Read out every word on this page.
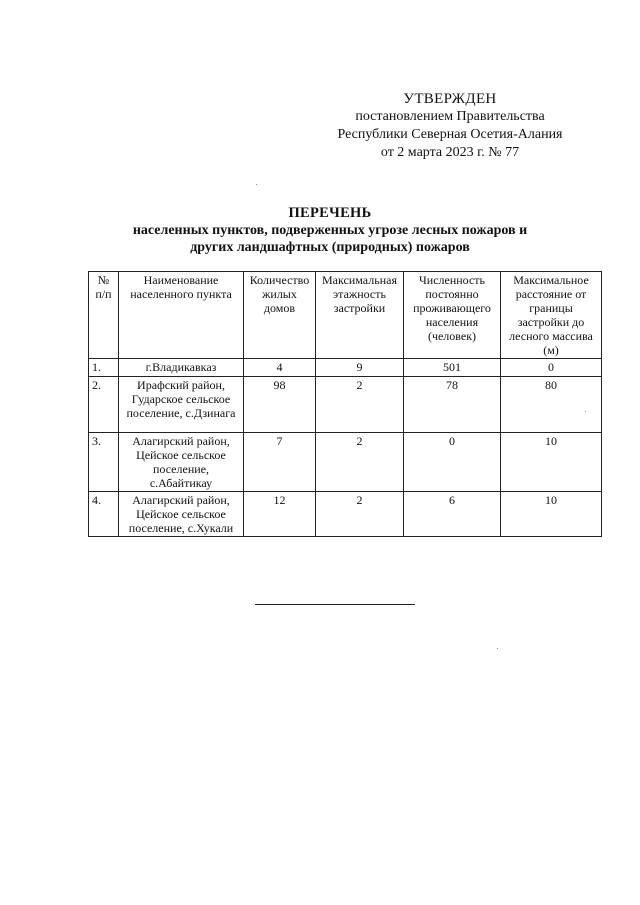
УТВЕРЖДЕН
постановлением Правительства
Республики Северная Осетия-Алания
от 2 марта 2023 г. № 77
ПЕРЕЧЕНЬ
населенных пунктов, подверженных угрозе лесных пожаров и
других ландшафтных (природных) пожаров
№ п/п	Наименование населенного пункта	Количество жилых домов	Максимальная этажность застройки	Численность постоянно проживающего населения (человек)	Максимальное расстояние от границы застройки до лесного массива (м)
1.	г.Владикавказ	4	9	501	0
2.	Ирафский район, Гударское сельское поселение, с.Дзинага	98	2	78	80
3.	Алагирский район, Цейское сельское поселение, с.Абайтикау	7	2	0	10
4.	Алагирский район, Цейское сельское поселение, с.Хукали	12	2	6	10
